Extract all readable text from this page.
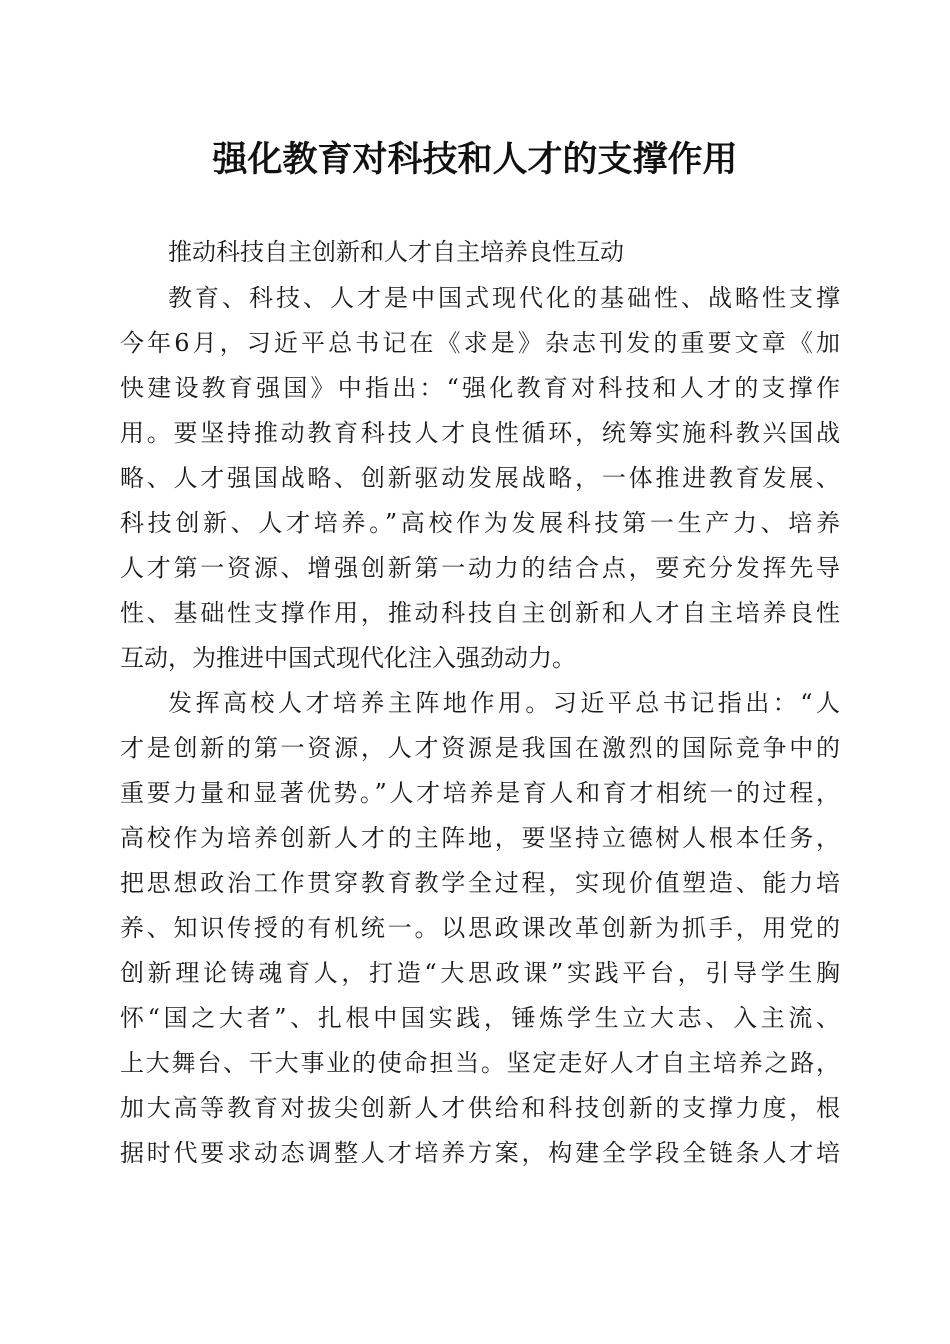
强化教育对科技和人才的支撑作用
推动科技自主创新和人才自主培养良性互动
教育、科技、人才是中国式现代化的基础性、战略性支撑
今年6月，习近平总书记在《求是》杂志刊发的重要文章《加
快建设教育强国》中指出：“强化教育对科技和人才的支撑作
用。要坚持推动教育科技人才良性循环，统筹实施科教兴国战
略、人才强国战略、创新驱动发展战略，一体推进教育发展、
科技创新、人才培养。”高校作为发展科技第一生产力、培养
人才第一资源、增强创新第一动力的结合点，要充分发挥先导
性、基础性支撑作用，推动科技自主创新和人才自主培养良性
互动，为推进中国式现代化注入强劲动力。
发挥高校人才培养主阵地作用。习近平总书记指出：“人
才是创新的第一资源，人才资源是我国在激烈的国际竞争中的
重要力量和显著优势。”人才培养是育人和育才相统一的过程，
高校作为培养创新人才的主阵地，要坚持立德树人根本任务，
把思想政治工作贯穿教育教学全过程，实现价值塑造、能力培
养、知识传授的有机统一。以思政课改革创新为抓手，用党的
创新理论铸魂育人，打造“大思政课”实践平台，引导学生胸
怀“国之大者”、扎根中国实践，锤炼学生立大志、入主流、
上大舞台、干大事业的使命担当。坚定走好人才自主培养之路，
加大高等教育对拔尖创新人才供给和科技创新的支撑力度，根
据时代要求动态调整人才培养方案，构建全学段全链条人才培
